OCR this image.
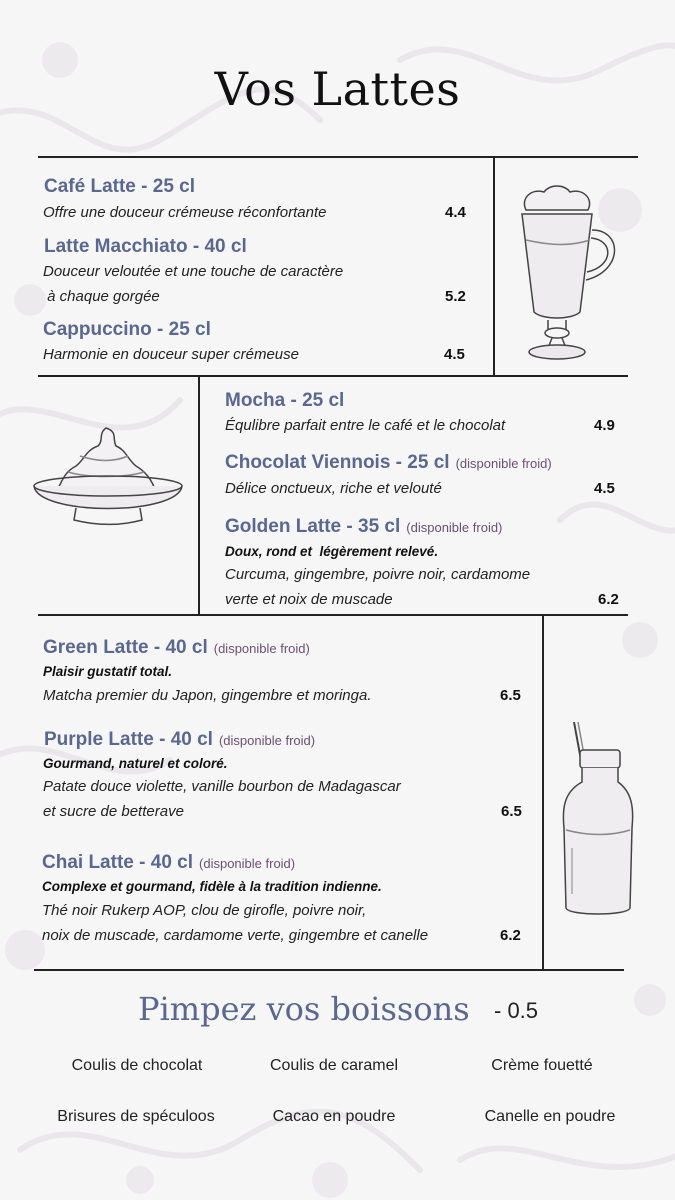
Vos Lattes
Café Latte - 25 cl
Offre une douceur crémeuse réconfortante	4.4
Latte Macchiato - 40 cl
Douceur veloutée et une touche de caractère
à chaque gorgée	5.2
Cappuccino - 25 cl
Harmonie en douceur super crémeuse	4.5
Mocha - 25 cl
Équlibre parfait entre le café et le chocolat	4.9
Chocolat Viennois - 25 cl (disponible froid)
Délice onctueux, riche et velouté	4.5
Golden Latte - 35 cl (disponible froid)
Doux, rond et  légèrement relevé.
Curcuma, gingembre, poivre noir, cardamome
verte et noix de muscade	6.2
Green Latte - 40 cl (disponible froid)
Plaisir gustatif total.
Matcha premier du Japon, gingembre et moringa.	6.5
Purple Latte - 40 cl (disponible froid)
Gourmand, naturel et coloré.
Patate douce violette, vanille bourbon de Madagascar
et sucre de betterave	6.5
Chai Latte - 40 cl (disponible froid)
Complexe et gourmand, fidèle à la tradition indienne.
Thé noir Rukerp AOP, clou de girofle, poivre noir,
noix de muscade, cardamome verte, gingembre et canelle	6.2
Pimpez vos boissons - 0.5
Coulis de chocolat	Coulis de caramel	Crème fouetté
Brisures de spéculoos	Cacao en poudre	Canelle en poudre
